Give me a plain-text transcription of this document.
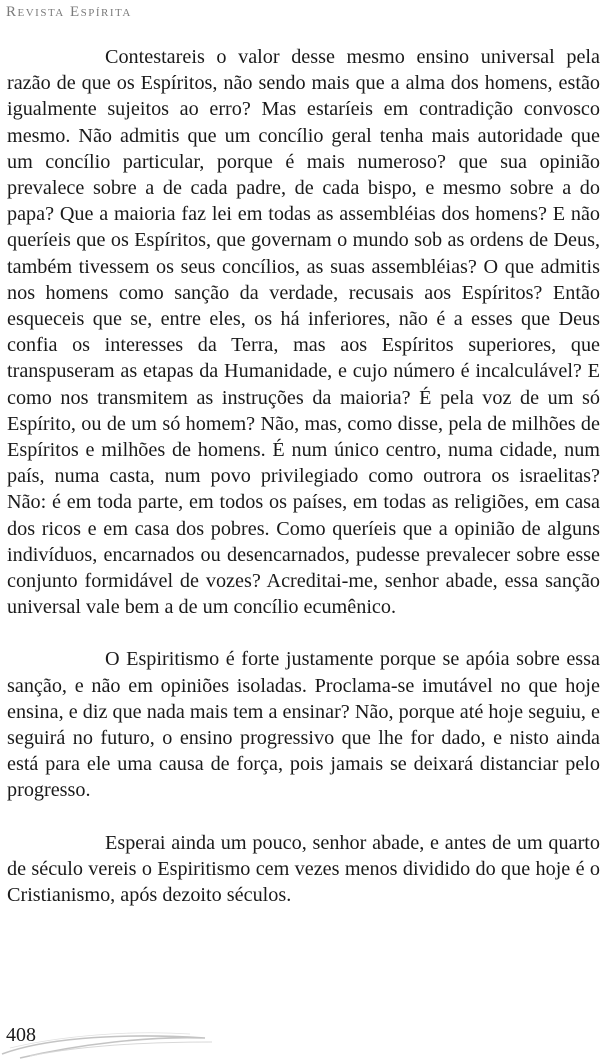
Revista Espírita

Contestareis o valor desse mesmo ensino universal pela razão de que os Espíritos, não sendo mais que a alma dos homens, estão igualmente sujeitos ao erro? Mas estaríeis em contradição convosco mesmo. Não admitis que um concílio geral tenha mais autoridade que um concílio particular, porque é mais numeroso? que sua opinião prevalece sobre a de cada padre, de cada bispo, e mesmo sobre a do papa? Que a maioria faz lei em todas as assembléias dos homens? E não queríeis que os Espíritos, que governam o mundo sob as ordens de Deus, também tivessem os seus concílios, as suas assembléias? O que admitis nos homens como sanção da verdade, recusais aos Espíritos? Então esqueceis que se, entre eles, os há inferiores, não é a esses que Deus confia os interesses da Terra, mas aos Espíritos superiores, que transpuseram as etapas da Humanidade, e cujo número é incalculável? E como nos transmitem as instruções da maioria? É pela voz de um só Espírito, ou de um só homem? Não, mas, como disse, pela de milhões de Espíritos e milhões de homens. É num único centro, numa cidade, num país, numa casta, num povo privilegiado como outrora os israelitas? Não: é em toda parte, em todos os países, em todas as religiões, em casa dos ricos e em casa dos pobres. Como queríeis que a opinião de alguns indivíduos, encarnados ou desencarnados, pudesse prevalecer sobre esse conjunto formidável de vozes? Acreditai-me, senhor abade, essa sanção universal vale bem a de um concílio ecumênico.

O Espiritismo é forte justamente porque se apóia sobre essa sanção, e não em opiniões isoladas. Proclama-se imutável no que hoje ensina, e diz que nada mais tem a ensinar? Não, porque até hoje seguiu, e seguirá no futuro, o ensino progressivo que lhe for dado, e nisto ainda está para ele uma causa de força, pois jamais se deixará distanciar pelo progresso.

Esperai ainda um pouco, senhor abade, e antes de um quarto de século vereis o Espiritismo cem vezes menos dividido do que hoje é o Cristianismo, após dezoito séculos.

408
